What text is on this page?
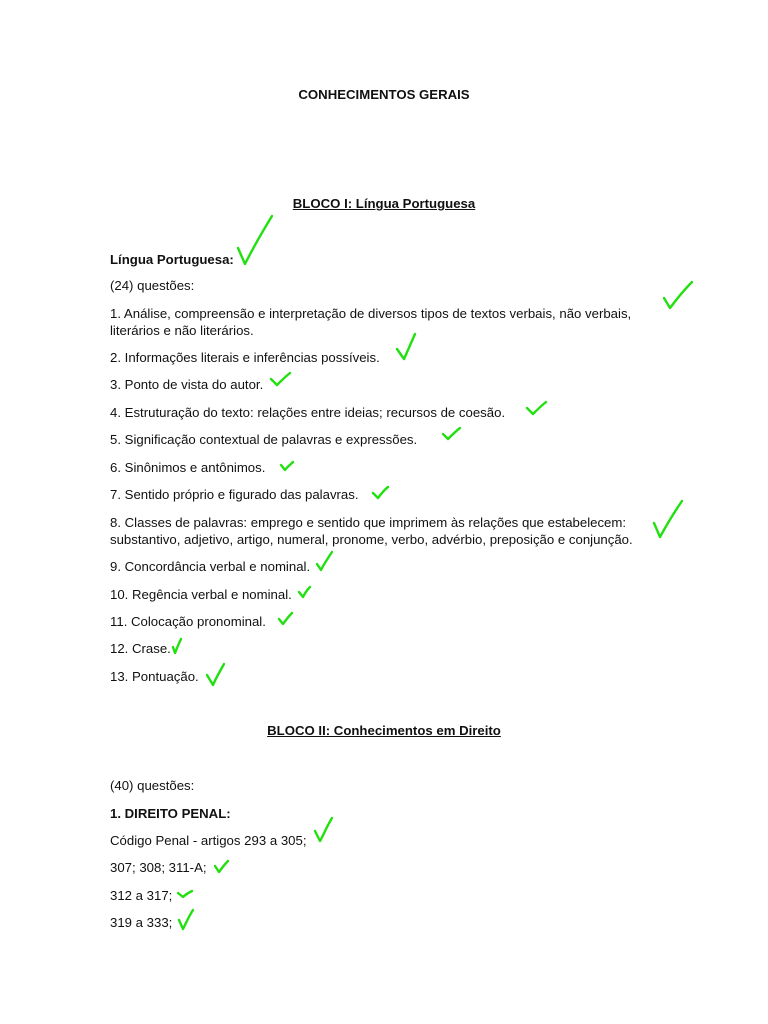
CONHECIMENTOS GERAIS
BLOCO I: Língua Portuguesa
Língua Portuguesa:
(24) questões:
1. Análise, compreensão e interpretação de diversos tipos de textos verbais, não verbais,
literários e não literários.
2. Informações literais e inferências possíveis.
3. Ponto de vista do autor.
4. Estruturação do texto: relações entre ideias; recursos de coesão.
5. Significação contextual de palavras e expressões.
6. Sinônimos e antônimos.
7. Sentido próprio e figurado das palavras.
8. Classes de palavras: emprego e sentido que imprimem às relações que estabelecem:
substantivo, adjetivo, artigo, numeral, pronome, verbo, advérbio, preposição e conjunção.
9. Concordância verbal e nominal.
10. Regência verbal e nominal.
11. Colocação pronominal.
12. Crase.
13. Pontuação.
BLOCO II: Conhecimentos em Direito
(40) questões:
1. DIREITO PENAL:
Código Penal - artigos 293 a 305;
307; 308; 311-A;
312 a 317;
319 a 333;
